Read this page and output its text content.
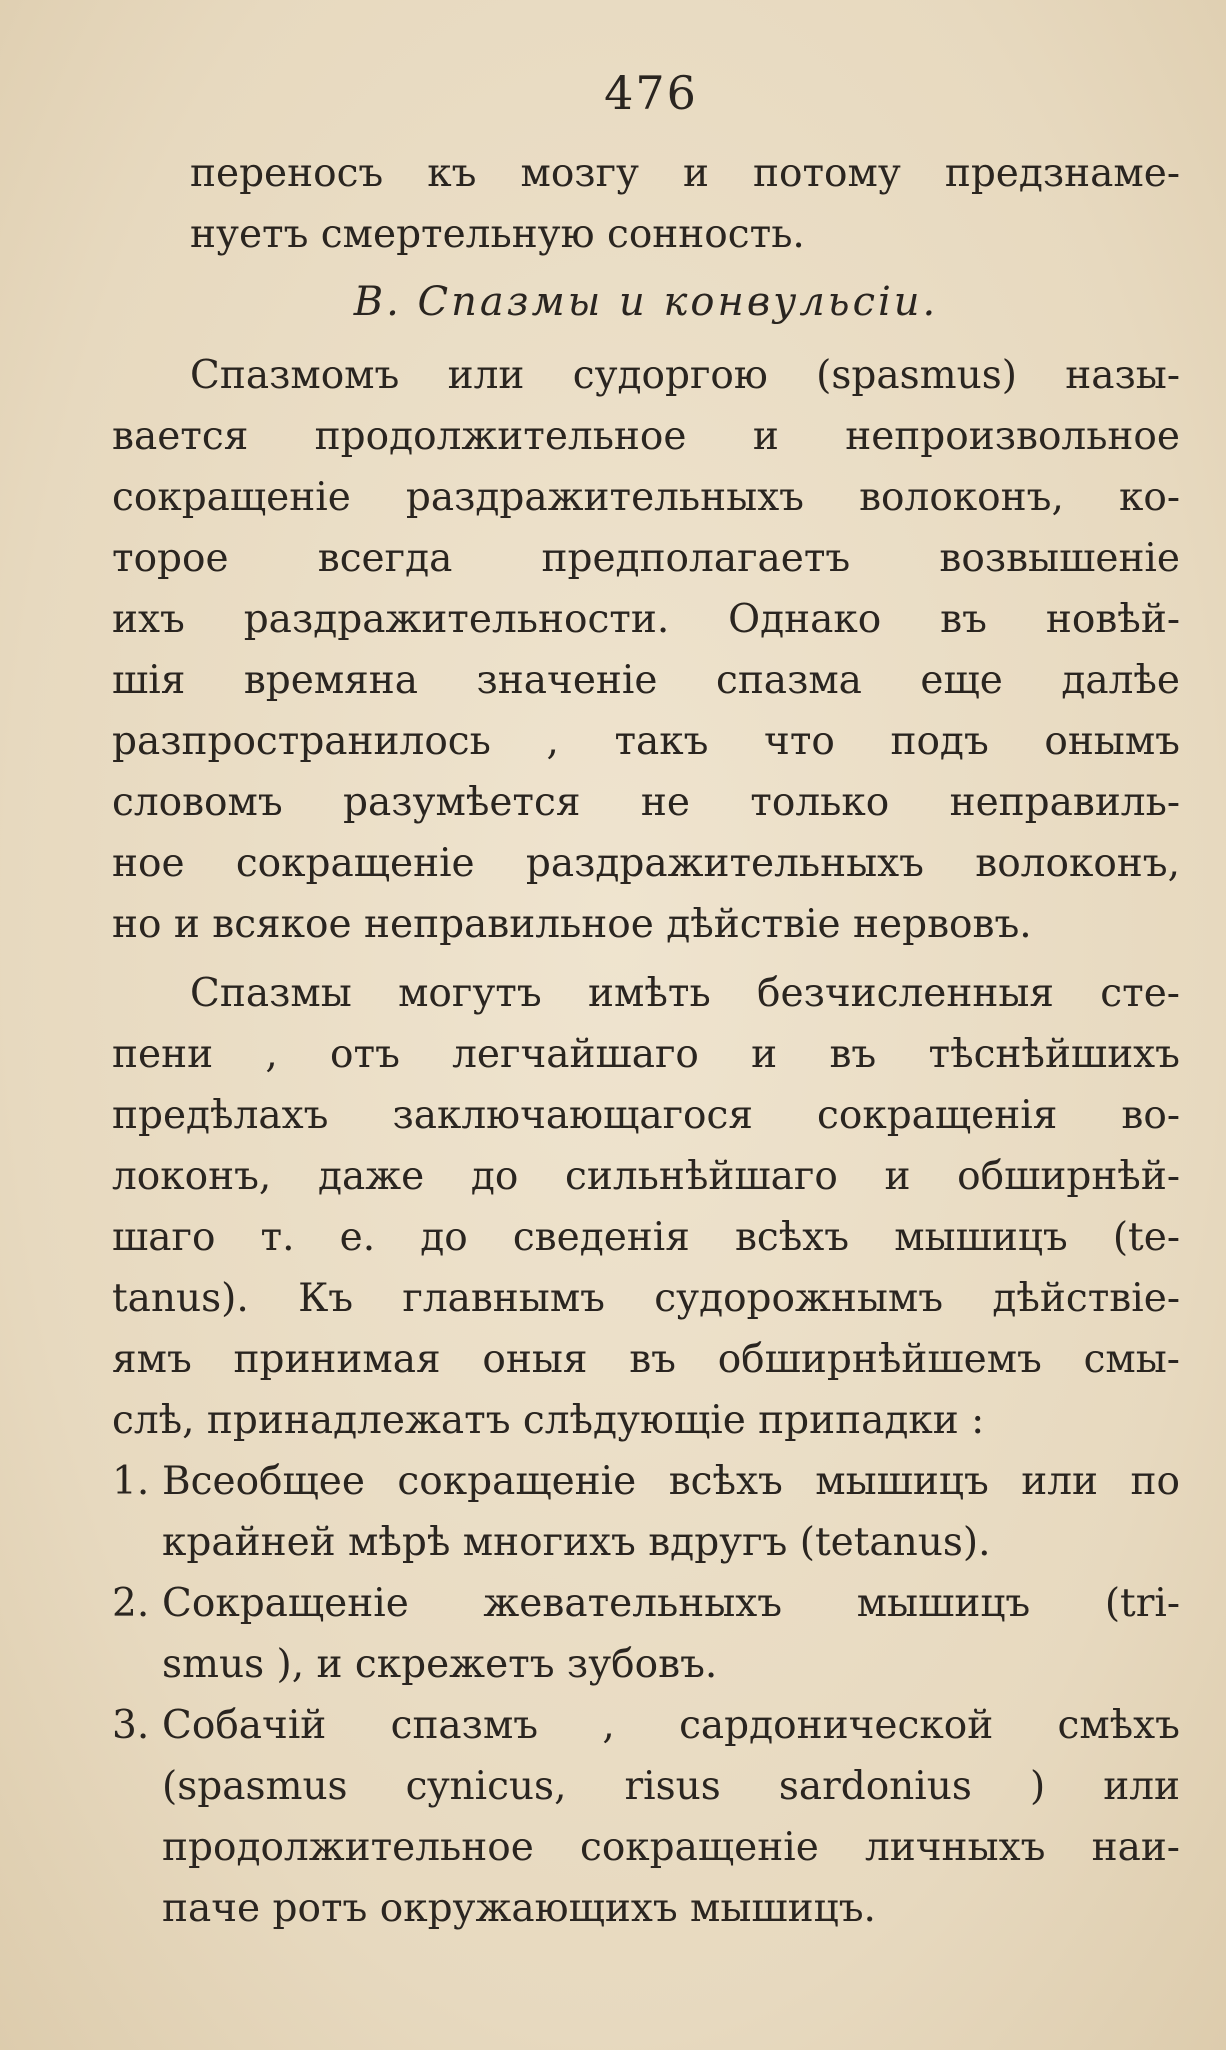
476
переносъ къ мозгу и потому предзнаме-
нуетъ смертельную сонность.
В. Спазмы и конвульсіи.
Спазмомъ или судоргою (spasmus) назы-
вается продолжительное и непроизвольное
сокращеніе раздражительныхъ волоконъ, ко-
торое всегда предполагаетъ возвышеніе
ихъ раздражительности. Однако въ новѣй-
шія времяна значеніе спазма еще далѣе
разпространилось , такъ что подъ онымъ
словомъ разумѣется не только неправиль-
ное сокращеніе раздражительныхъ волоконъ,
но и всякое неправильное дѣйствіе нервовъ.
Спазмы могутъ имѣть безчисленныя сте-
пени , отъ легчайшаго и въ тѣснѣйшихъ
предѣлахъ заключающагося сокращенія во-
локонъ, даже до сильнѣйшаго и обширнѣй-
шаго т. е. до сведенія всѣхъ мышицъ (te-
tanus). Къ главнымъ судорожнымъ дѣйствіе-
ямъ принимая оныя въ обширнѣйшемъ смы-
слѣ, принадлежатъ слѣдующіе припадки :
1. Всеобщее сокращеніе всѣхъ мышицъ или по
крайней мѣрѣ многихъ вдругъ (tetanus).
2. Сокращеніе жевательныхъ мышицъ (tri-
smus ), и скрежетъ зубовъ.
3. Собачій спазмъ , сардонической смѣхъ
(spasmus cynicus, risus sardonius ) или
продолжительное сокращеніе личныхъ наи-
паче ротъ окружающихъ мышицъ.
